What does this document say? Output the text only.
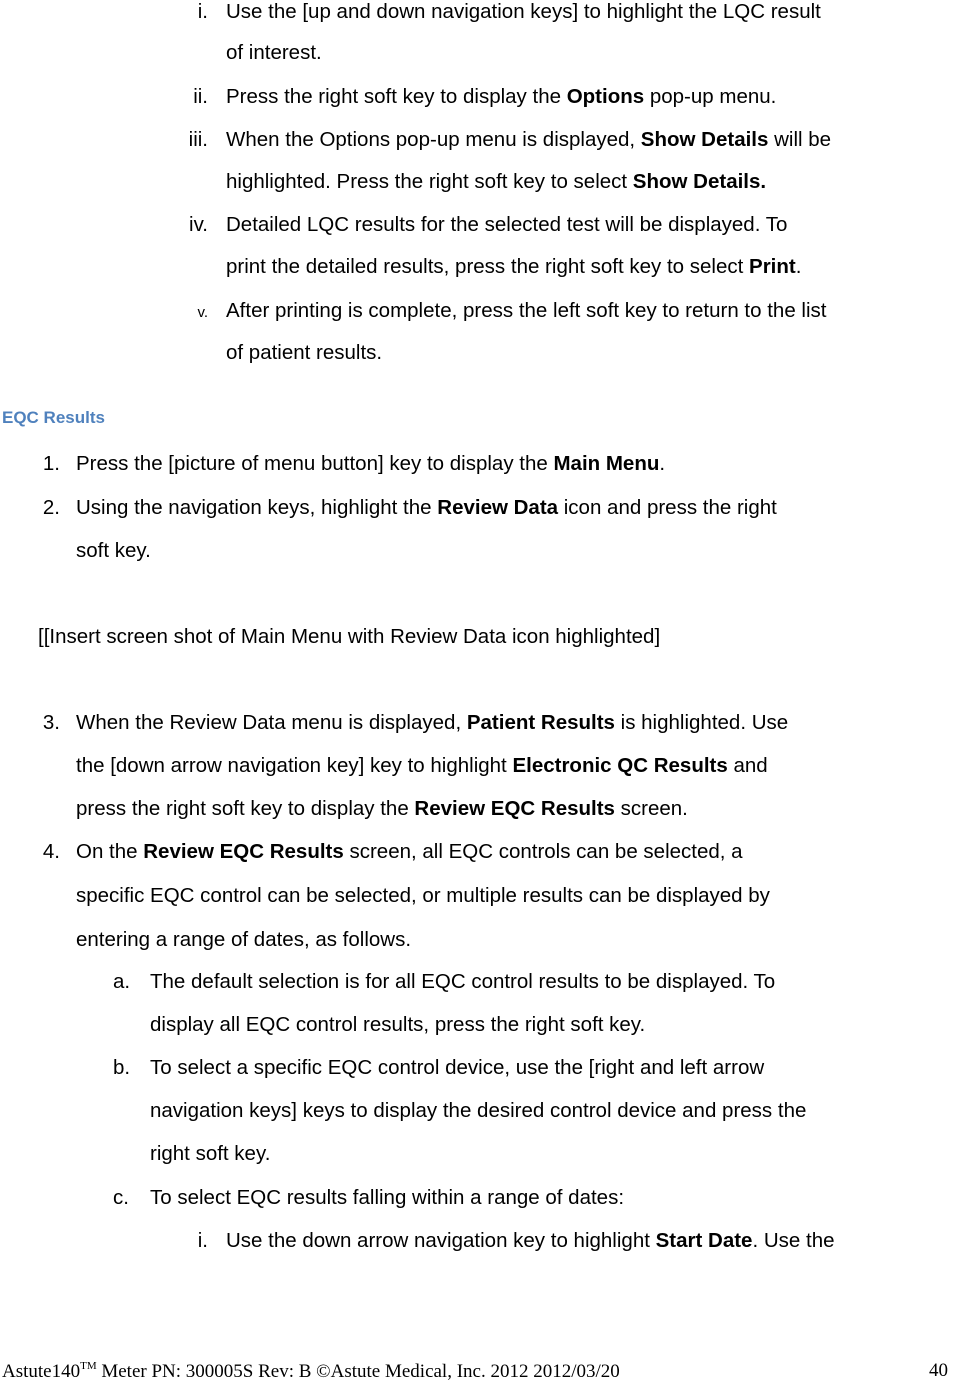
i. Use the [up and down navigation keys] to highlight the LQC result
of interest.
ii. Press the right soft key to display the Options pop-up menu.
iii. When the Options pop-up menu is displayed, Show Details will be
highlighted. Press the right soft key to select Show Details.
iv. Detailed LQC results for the selected test will be displayed. To
print the detailed results, press the right soft key to select Print.
v. After printing is complete, press the left soft key to return to the list
of patient results.
EQC Results
1. Press the [picture of menu button] key to display the Main Menu.
2. Using the navigation keys, highlight the Review Data icon and press the right
soft key.
[[Insert screen shot of Main Menu with Review Data icon highlighted]
3. When the Review Data menu is displayed, Patient Results is highlighted. Use
the [down arrow navigation key] key to highlight Electronic QC Results and
press the right soft key to display the Review EQC Results screen.
4. On the Review EQC Results screen, all EQC controls can be selected, a
specific EQC control can be selected, or multiple results can be displayed by
entering a range of dates, as follows.
a. The default selection is for all EQC control results to be displayed. To
display all EQC control results, press the right soft key.
b. To select a specific EQC control device, use the [right and left arrow
navigation keys] keys to display the desired control device and press the
right soft key.
c. To select EQC results falling within a range of dates:
i. Use the down arrow navigation key to highlight Start Date. Use the
Astute140™ Meter PN: 300005S Rev: B ©Astute Medical, Inc. 2012 2012/03/20	40
